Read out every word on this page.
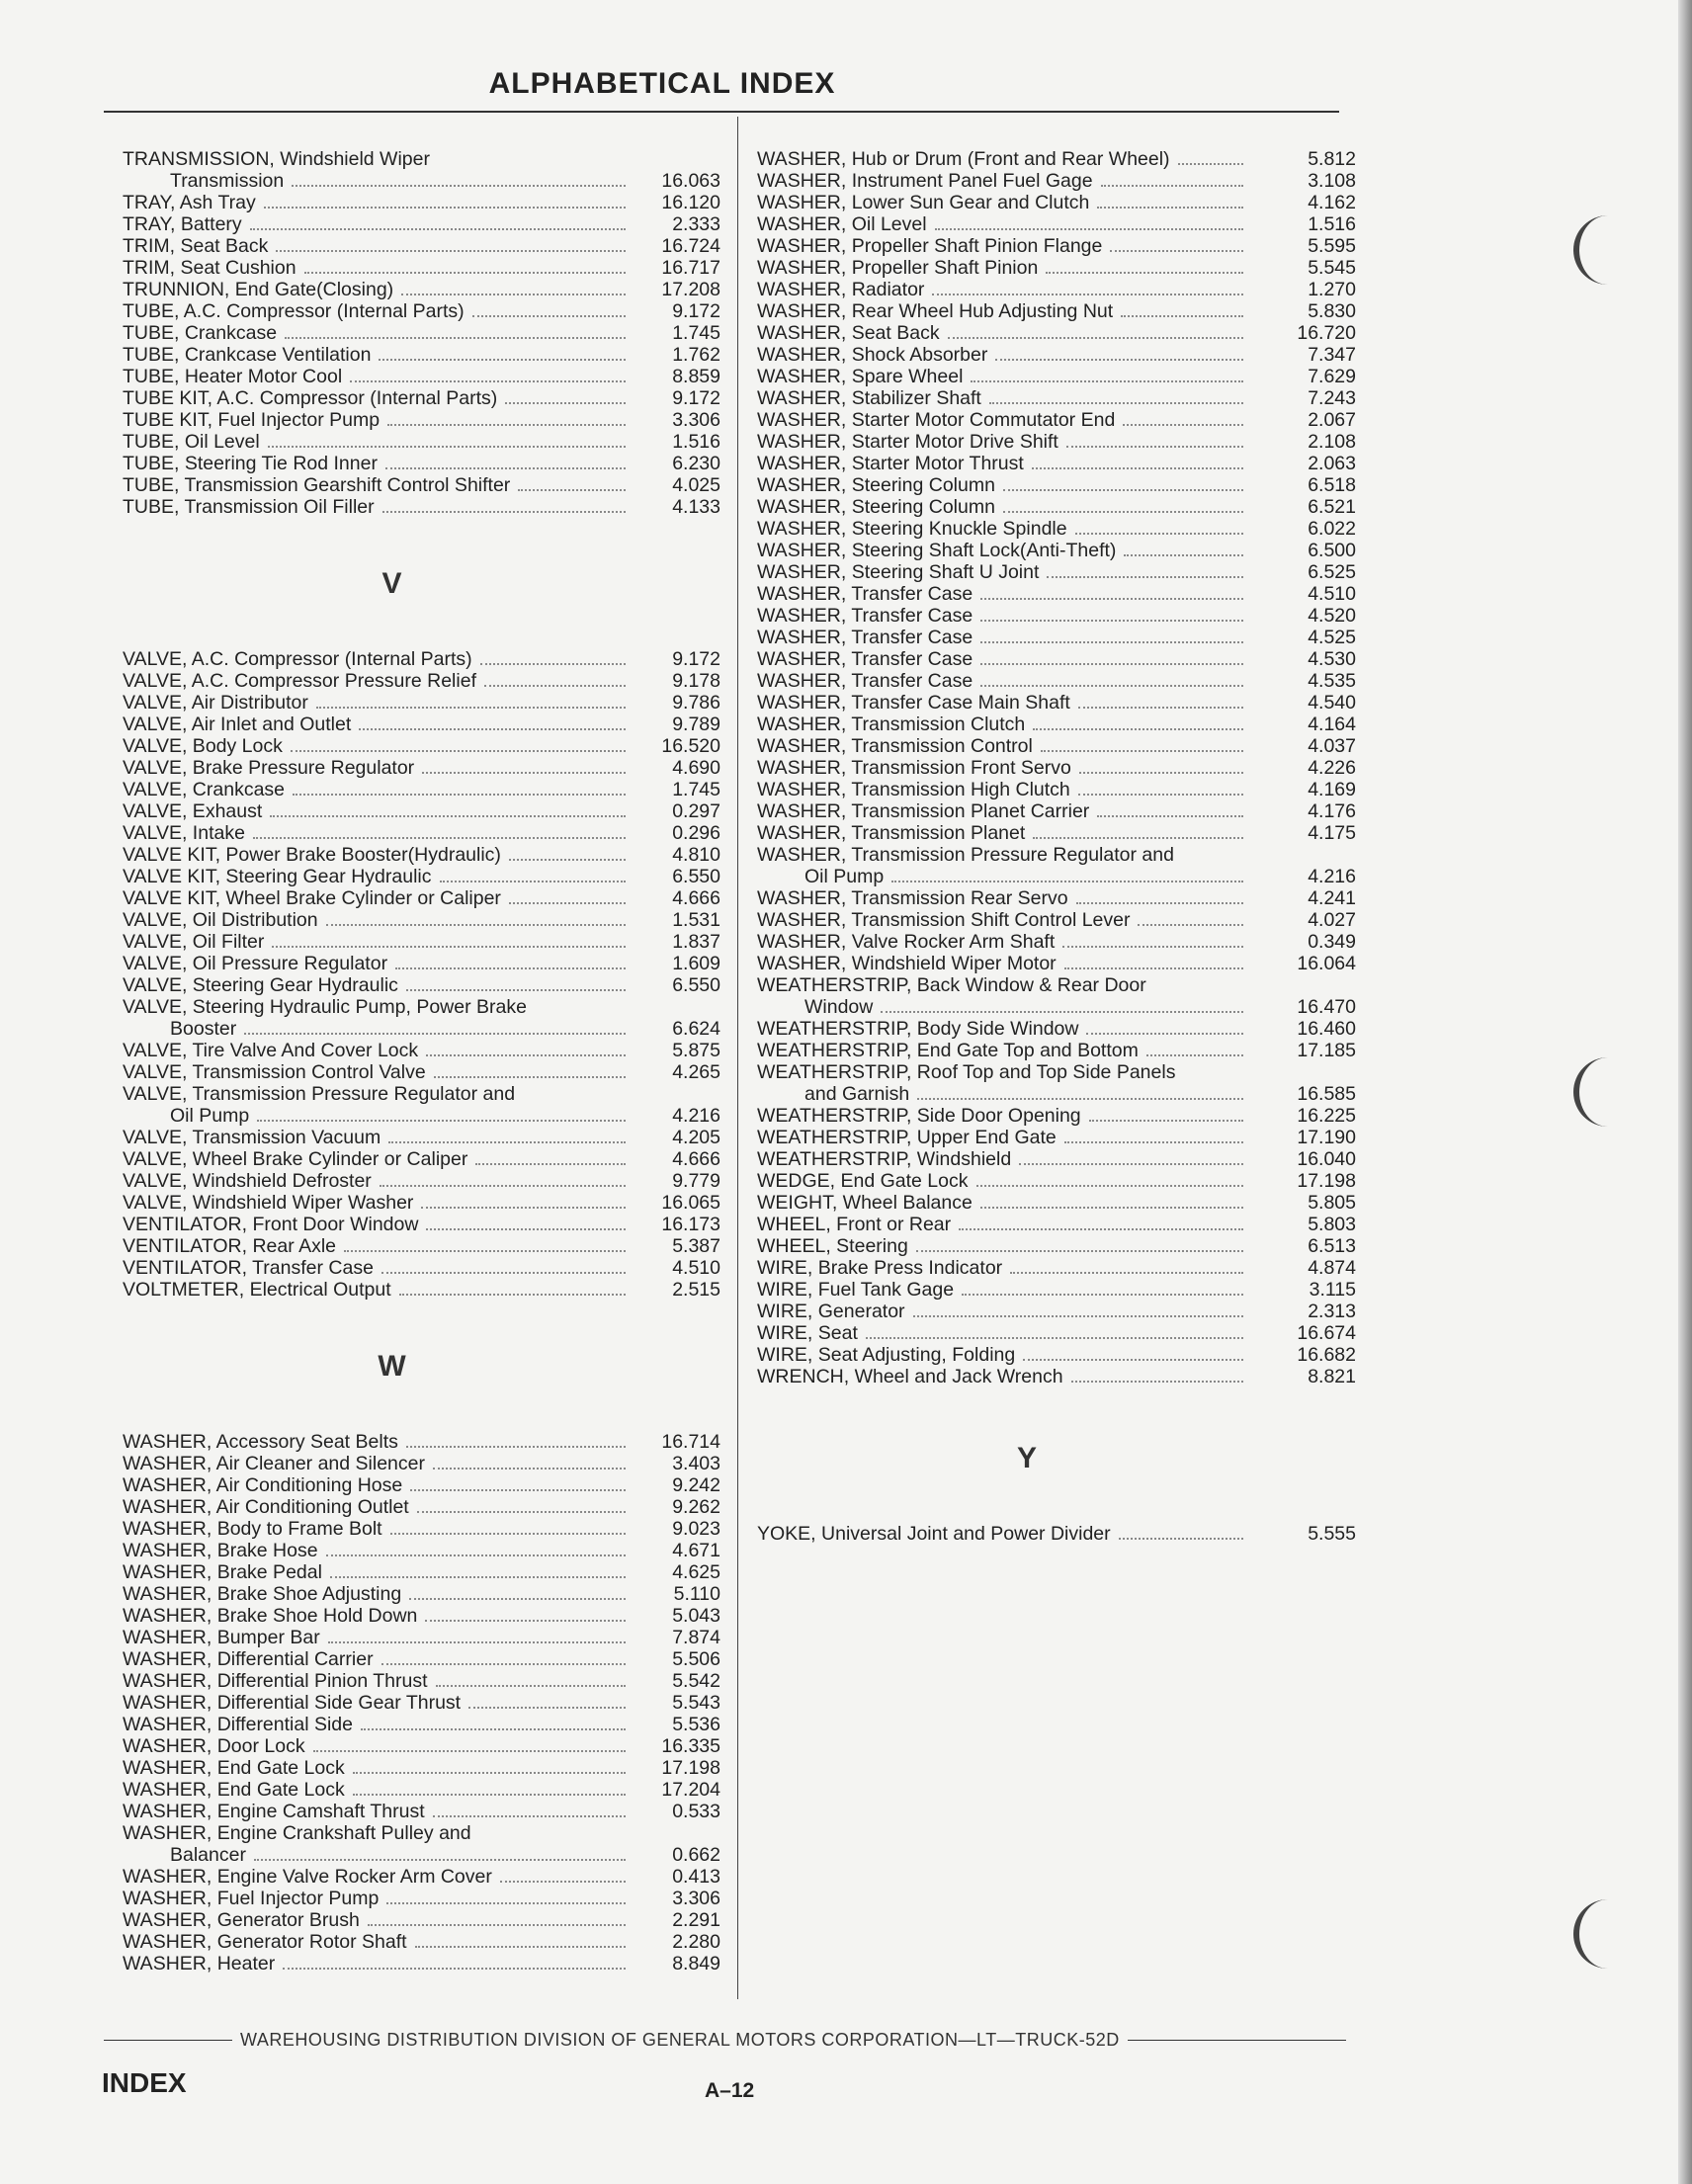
ALPHABETICAL INDEX
TRANSMISSION, Windshield Wiper
Transmission	16.063
TRAY, Ash Tray	16.120
TRAY, Battery	2.333
TRIM, Seat Back	16.724
TRIM, Seat Cushion	16.717
TRUNNION, End Gate(Closing)	17.208
TUBE, A.C. Compressor (Internal Parts)	9.172
TUBE, Crankcase	1.745
TUBE, Crankcase Ventilation	1.762
TUBE, Heater Motor Cool	8.859
TUBE KIT, A.C. Compressor (Internal Parts)	9.172
TUBE KIT, Fuel Injector Pump	3.306
TUBE, Oil Level	1.516
TUBE, Steering Tie Rod Inner	6.230
TUBE, Transmission Gearshift Control Shifter	4.025
TUBE, Transmission Oil Filler	4.133
V
VALVE, A.C. Compressor (Internal Parts)	9.172
VALVE, A.C. Compressor Pressure Relief	9.178
VALVE, Air Distributor	9.786
VALVE, Air Inlet and Outlet	9.789
VALVE, Body Lock	16.520
VALVE, Brake Pressure Regulator	4.690
VALVE, Crankcase	1.745
VALVE, Exhaust	0.297
VALVE, Intake	0.296
VALVE KIT, Power Brake Booster(Hydraulic)	4.810
VALVE KIT, Steering Gear Hydraulic	6.550
VALVE KIT, Wheel Brake Cylinder or Caliper	4.666
VALVE, Oil Distribution	1.531
VALVE, Oil Filter	1.837
VALVE, Oil Pressure Regulator	1.609
VALVE, Steering Gear Hydraulic	6.550
VALVE, Steering Hydraulic Pump, Power Brake
Booster	6.624
VALVE, Tire Valve And Cover Lock	5.875
VALVE, Transmission Control Valve	4.265
VALVE, Transmission Pressure Regulator and
Oil Pump	4.216
VALVE, Transmission Vacuum	4.205
VALVE, Wheel Brake Cylinder or Caliper	4.666
VALVE, Windshield Defroster	9.779
VALVE, Windshield Wiper Washer	16.065
VENTILATOR, Front Door Window	16.173
VENTILATOR, Rear Axle	5.387
VENTILATOR, Transfer Case	4.510
VOLTMETER, Electrical Output	2.515
W
WASHER, Accessory Seat Belts	16.714
WASHER, Air Cleaner and Silencer	3.403
WASHER, Air Conditioning Hose	9.242
WASHER, Air Conditioning Outlet	9.262
WASHER, Body to Frame Bolt	9.023
WASHER, Brake Hose	4.671
WASHER, Brake Pedal	4.625
WASHER, Brake Shoe Adjusting	5.110
WASHER, Brake Shoe Hold Down	5.043
WASHER, Bumper Bar	7.874
WASHER, Differential Carrier	5.506
WASHER, Differential Pinion Thrust	5.542
WASHER, Differential Side Gear Thrust	5.543
WASHER, Differential Side	5.536
WASHER, Door Lock	16.335
WASHER, End Gate Lock	17.198
WASHER, End Gate Lock	17.204
WASHER, Engine Camshaft Thrust	0.533
WASHER, Engine Crankshaft Pulley and
Balancer	0.662
WASHER, Engine Valve Rocker Arm Cover	0.413
WASHER, Fuel Injector Pump	3.306
WASHER, Generator Brush	2.291
WASHER, Generator Rotor Shaft	2.280
WASHER, Heater	8.849
WASHER, Hub or Drum (Front and Rear Wheel)	5.812
WASHER, Instrument Panel Fuel Gage	3.108
WASHER, Lower Sun Gear and Clutch	4.162
WASHER, Oil Level	1.516
WASHER, Propeller Shaft Pinion Flange	5.595
WASHER, Propeller Shaft Pinion	5.545
WASHER, Radiator	1.270
WASHER, Rear Wheel Hub Adjusting Nut	5.830
WASHER, Seat Back	16.720
WASHER, Shock Absorber	7.347
WASHER, Spare Wheel	7.629
WASHER, Stabilizer Shaft	7.243
WASHER, Starter Motor Commutator End	2.067
WASHER, Starter Motor Drive Shift	2.108
WASHER, Starter Motor Thrust	2.063
WASHER, Steering Column	6.518
WASHER, Steering Column	6.521
WASHER, Steering Knuckle Spindle	6.022
WASHER, Steering Shaft Lock(Anti-Theft)	6.500
WASHER, Steering Shaft U Joint	6.525
WASHER, Transfer Case	4.510
WASHER, Transfer Case	4.520
WASHER, Transfer Case	4.525
WASHER, Transfer Case	4.530
WASHER, Transfer Case	4.535
WASHER, Transfer Case Main Shaft	4.540
WASHER, Transmission Clutch	4.164
WASHER, Transmission Control	4.037
WASHER, Transmission Front Servo	4.226
WASHER, Transmission High Clutch	4.169
WASHER, Transmission Planet Carrier	4.176
WASHER, Transmission Planet	4.175
WASHER, Transmission Pressure Regulator and
Oil Pump	4.216
WASHER, Transmission Rear Servo	4.241
WASHER, Transmission Shift Control Lever	4.027
WASHER, Valve Rocker Arm Shaft	0.349
WASHER, Windshield Wiper Motor	16.064
WEATHERSTRIP, Back Window & Rear Door
Window	16.470
WEATHERSTRIP, Body Side Window	16.460
WEATHERSTRIP, End Gate Top and Bottom	17.185
WEATHERSTRIP, Roof Top and Top Side Panels
and Garnish	16.585
WEATHERSTRIP, Side Door Opening	16.225
WEATHERSTRIP, Upper End Gate	17.190
WEATHERSTRIP, Windshield	16.040
WEDGE, End Gate Lock	17.198
WEIGHT, Wheel Balance	5.805
WHEEL, Front or Rear	5.803
WHEEL, Steering	6.513
WIRE, Brake Press Indicator	4.874
WIRE, Fuel Tank Gage	3.115
WIRE, Generator	2.313
WIRE, Seat	16.674
WIRE, Seat Adjusting, Folding	16.682
WRENCH, Wheel and Jack Wrench	8.821
Y
YOKE, Universal Joint and Power Divider	5.555
WAREHOUSING DISTRIBUTION DIVISION OF GENERAL MOTORS CORPORATION—LT—TRUCK-52D
INDEX	A–12
